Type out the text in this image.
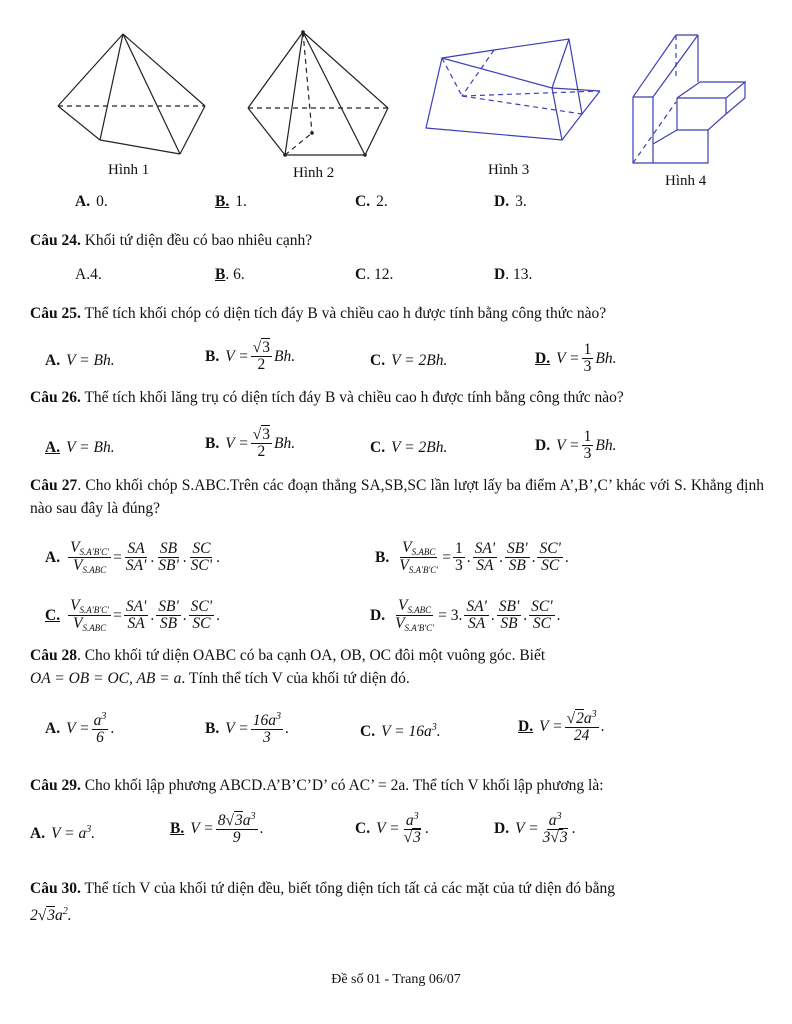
Hình 1	Hình 2	Hình 3
Hình 4
A. 0.	B. 1.	C. 2.	D. 3.
Câu 24. Khối tứ diện đều có bao nhiêu cạnh?
A. 4.	B . 6.	C . 12.	D . 13.
Câu 25. Thể tích khối chóp có diện tích đáy B và chiều cao h được tính bằng công thức nào?
A. V = Bh.	B. $V = \frac{√3}{2} Bh$.	C. V = 2Bh.	D. $V = \frac{1}{3} Bh$.
Câu 26. Thể tích khối lăng trụ có diện tích đáy B và chiều cao h được tính bằng công thức nào?
A. V = Bh.	B. $V = \frac{√3}{2} Bh$.	C. V = 2Bh.	D. $V = \frac{1}{3} Bh$.
Câu 27. Cho khối chóp S.ABC.Trên các đoạn thẳng SA,SB,SC lần lượt lấy ba điểm A’,B’,C’ khác với S. Khẳng định nào sau đây là đúng?
A. $\frac{V_{S.A'B'C'}}{V_{S.ABC}} = \frac{SA}{SA'}$ . $\frac{SB}{SB'}$ . $\frac{SC}{SC'}$ .	B. $\frac{V_{S.ABC}}{V_{S.A'B'C'}} = \frac{1}{3}$ . $\frac{SA'}{SA}$ . $\frac{SB'}{SB}$ . $\frac{SC'}{SC}$ .
C. $\frac{V_{S.A'B'C'}}{V_{S.ABC}} = \frac{SA'}{SA}$ . $\frac{SB'}{SB}$ . $\frac{SC'}{SC}$ .	D. $\frac{V_{S.ABC}}{V_{S.A'B'C'}} = 3$. $\frac{SA'}{SA}$ . $\frac{SB'}{SB}$ . $\frac{SC'}{SC}$ .
Câu 28. Cho khối tứ diện OABC có ba cạnh OA, OB, OC đôi một vuông góc. Biết
OA = OB = OC, AB = a. Tính thể tích V của khối tứ diện đó.
A. $V = \frac{a^3}{6}$ .	B. $V = \frac{16a^3}{3}$ .	C. $V = 16a^3$.	D. $V = \frac{√2a^3}{24}$ .
Câu 29. Cho khối lập phương ABCD.A’B’C’D’ có AC’ = 2a. Thể tích V khối lập phương là:
A. $V = a^3$.	B. $V = \frac{8√3a^3}{9}$ .	C. $V = \frac{a^3}{√3}$ .	D. $V = \frac{a^3}{3√3}$ .
Câu 30. Thể tích V của khối tứ diện đều, biết tổng diện tích tất cả các mặt của tứ diện đó bằng
$2√3a^2$.
Đề số 01 - Trang 06/07
